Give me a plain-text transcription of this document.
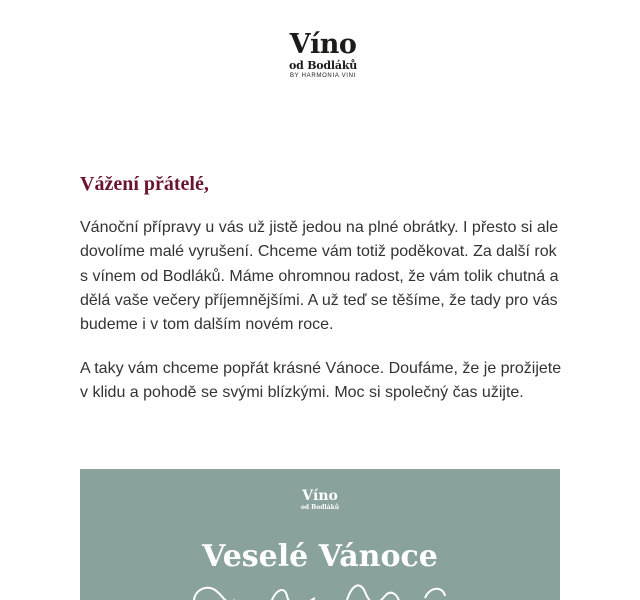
Víno
od Bodláků
BY HARMONIA VINI
Vážení přátelé,

Vánoční přípravy u vás už jistě jedou na plné obrátky. I přesto si ale dovolíme malé vyrušení. Chceme vám totiž poděkovat. Za další rok s vínem od Bodláků. Máme ohromnou radost, že vám tolik chutná a dělá vaše večery příjemnějšími. A už teď se těšíme, že tady pro vás budeme i v tom dalším novém roce.

A taky vám chceme popřát krásné Vánoce. Doufáme, že je prožijete v klidu a pohodě se svými blízkými. Moc si společný čas užijte.

Víno
od Bodláků
Veselé Vánoce
